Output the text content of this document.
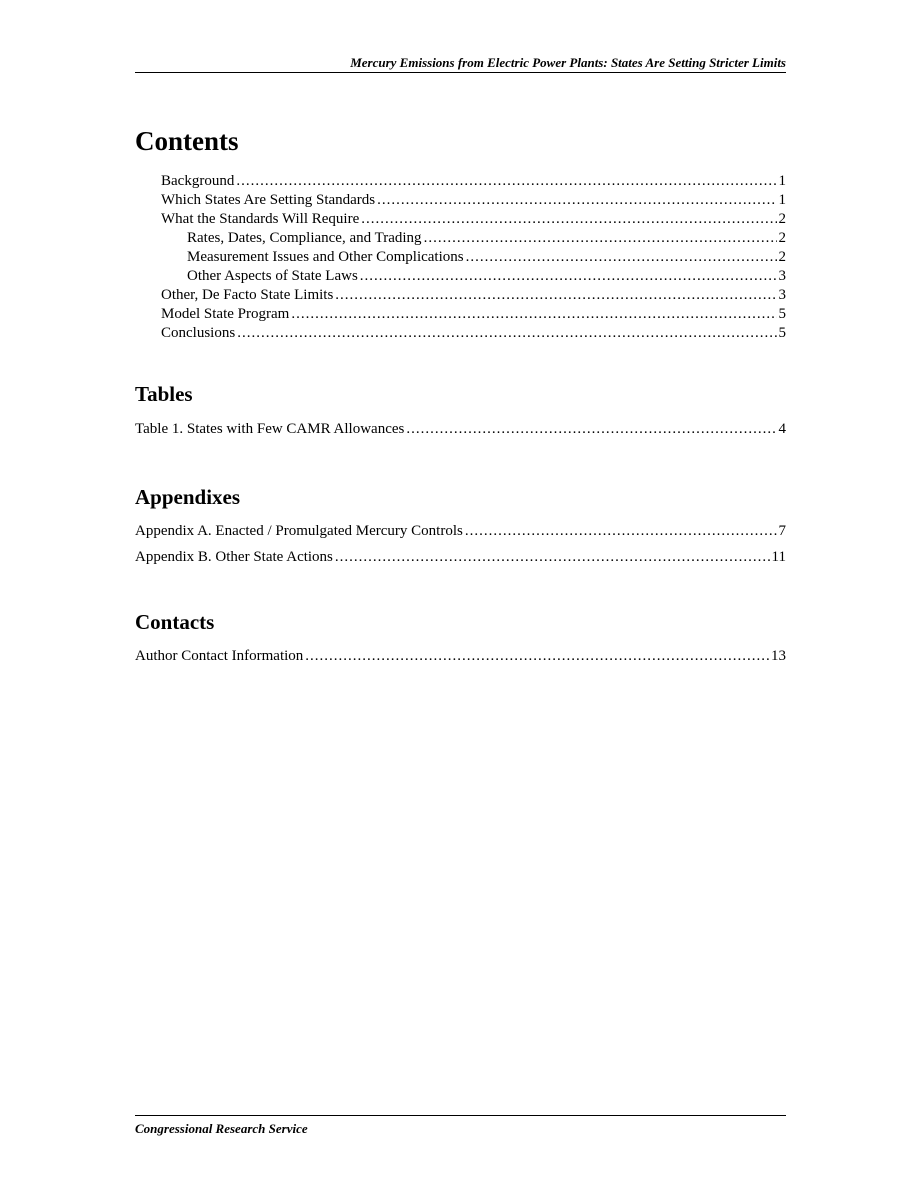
Mercury Emissions from Electric Power Plants: States Are Setting Stricter Limits
Contents
Background .....	1
Which States Are Setting Standards .....	1
What the Standards Will Require .....	2
Rates, Dates, Compliance, and Trading .....	2
Measurement Issues and Other Complications .....	2
Other Aspects of State Laws .....	3
Other, De Facto State Limits .....	3
Model State Program .....	5
Conclusions .....	5
Tables
Table 1. States with Few CAMR Allowances .....	4
Appendixes
Appendix A. Enacted / Promulgated Mercury Controls .....	7
Appendix B. Other State Actions .....	11
Contacts
Author Contact Information .....	13
Congressional Research Service
